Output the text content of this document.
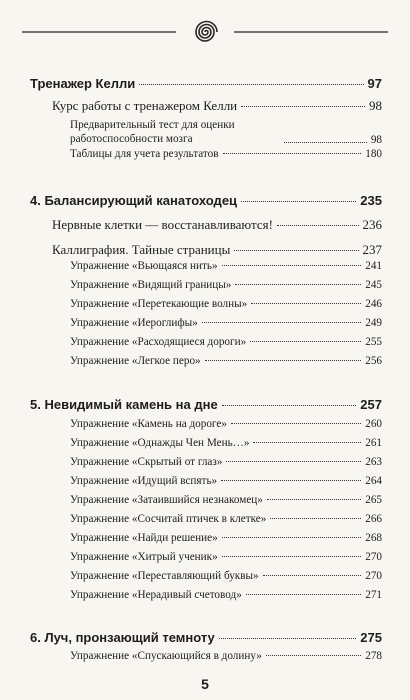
Тренажер Келли	97
Курс работы с тренажером Келли	98
Предварительный тест для оценки работоспособности мозга	98
Таблицы для учета результатов	180
4. Балансирующий канатоходец	235
Нервные клетки — восстанавливаются!	236
Каллиграфия. Тайные страницы	237
Упражнение «Вьющаяся нить»	241
Упражнение «Видящий границы»	245
Упражнение «Перетекающие волны»	246
Упражнение «Иероглифы»	249
Упражнение «Расходящиеся дороги»	255
Упражнение «Легкое перо»	256
5. Невидимый камень на дне	257
Упражнение «Камень на дороге»	260
Упражнение «Однажды Чен Мень…»	261
Упражнение «Скрытый от глаз»	263
Упражнение «Идущий вспять»	264
Упражнение «Затаившийся незнакомец»	265
Упражнение «Сосчитай птичек в клетке»	266
Упражнение «Найди решение»	268
Упражнение «Хитрый ученик»	270
Упражнение «Переставляющий буквы»	270
Упражнение «Нерадивый счетовод»	271
6. Луч, пронзающий темноту	275
Упражнение «Спускающийся в долину»	278
5
